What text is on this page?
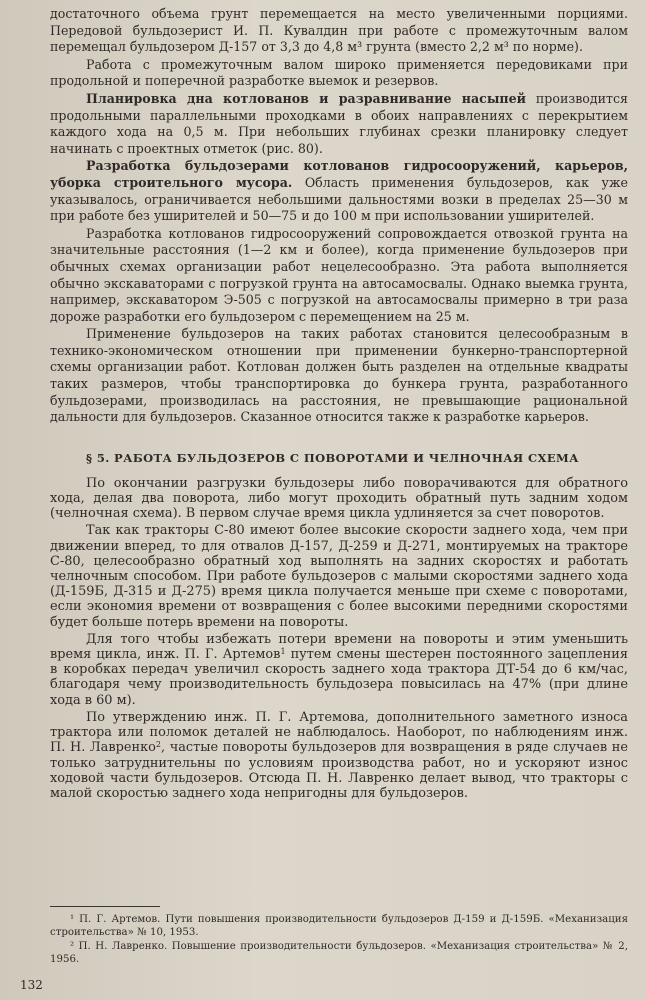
достаточного объема грунт перемещается на место увеличенными порциями. Передовой бульдозерист И. П. Кувалдин при работе с промежуточным валом перемещал бульдозером Д-157 от 3,3 до 4,8 м³ грунта (вместо 2,2 м³ по норме).

Работа с промежуточным валом широко применяется передовиками при продольной и поперечной разработке выемок и резервов.

Планировка дна котлованов и разравнивание насыпей производится продольными параллельными проходками в обоих направлениях с перекрытием каждого хода на 0,5 м. При небольших глубинах срезки планировку следует начинать с проектных отметок (рис. 80).

Разработка бульдозерами котлованов гидросооружений, карьеров, уборка строительного мусора. Область применения бульдозеров, как уже указывалось, ограничивается небольшими дальностями возки в пределах 25—30 м при работе без уширителей и 50—75 и до 100 м при использовании уширителей.

Разработка котлованов гидросооружений сопровождается отвозкой грунта на значительные расстояния (1—2 км и более), когда применение бульдозеров при обычных схемах организации работ нецелесообразно. Эта работа выполняется обычно экскаваторами с погрузкой грунта на автосамосвалы. Однако выемка грунта, например, экскаватором Э-505 с погрузкой на автосамосвалы примерно в три раза дороже разработки его бульдозером с перемещением на 25 м.

Применение бульдозеров на таких работах становится целесообразным в технико-экономическом отношении при применении бункерно-транспортерной схемы организации работ. Котлован должен быть разделен на отдельные квадраты таких размеров, чтобы транспортировка до бункера грунта, разработанного бульдозерами, производилась на расстояния, не превышающие рациональной дальности для бульдозеров. Сказанное относится также к разработке карьеров.

§ 5. РАБОТА БУЛЬДОЗЕРОВ С ПОВОРОТАМИ И ЧЕЛНОЧНАЯ СХЕМА

По окончании разгрузки бульдозеры либо поворачиваются для обратного хода, делая два поворота, либо могут проходить обратный путь задним ходом (челночная схема). В первом случае время цикла удлиняется за счет поворотов.

Так как тракторы С-80 имеют более высокие скорости заднего хода, чем при движении вперед, то для отвалов Д-157, Д-259 и Д-271, монтируемых на тракторе С-80, целесообразно обратный ход выполнять на задних скоростях и работать челночным способом. При работе бульдозеров с малыми скоростями заднего хода (Д-159Б, Д-315 и Д-275) время цикла получается меньше при схеме с поворотами, если экономия времени от возвращения с более высокими передними скоростями будет больше потерь времени на повороты.

Для того чтобы избежать потери времени на повороты и этим уменьшить время цикла, инж. П. Г. Артемов$^1$ путем смены шестерен постоянного зацепления в коробках передач увеличил скорость заднего хода трактора ДТ-54 до 6 км/час, благодаря чему производительность бульдозера повысилась на 47% (при длине хода в 60 м).

По утверждению инж. П. Г. Артемова, дополнительного заметного износа трактора или поломок деталей не наблюдалось. Наоборот, по наблюдениям инж. П. Н. Лавренко$^2$, частые повороты бульдозеров для возвращения в ряде случаев не только затруднительны по условиям производства работ, но и ускоряют износ ходовой части бульдозеров. Отсюда П. Н. Лавренко делает вывод, что тракторы с малой скоростью заднего хода непригодны для бульдозеров.

¹ П. Г. Артемов. Пути повышения производительности бульдозеров Д-159 и Д-159Б. «Механизация строительства» № 10, 1953.

² П. Н. Лавренко. Повышение производительности бульдозеров. «Механизация строительства» № 2, 1956.

132
